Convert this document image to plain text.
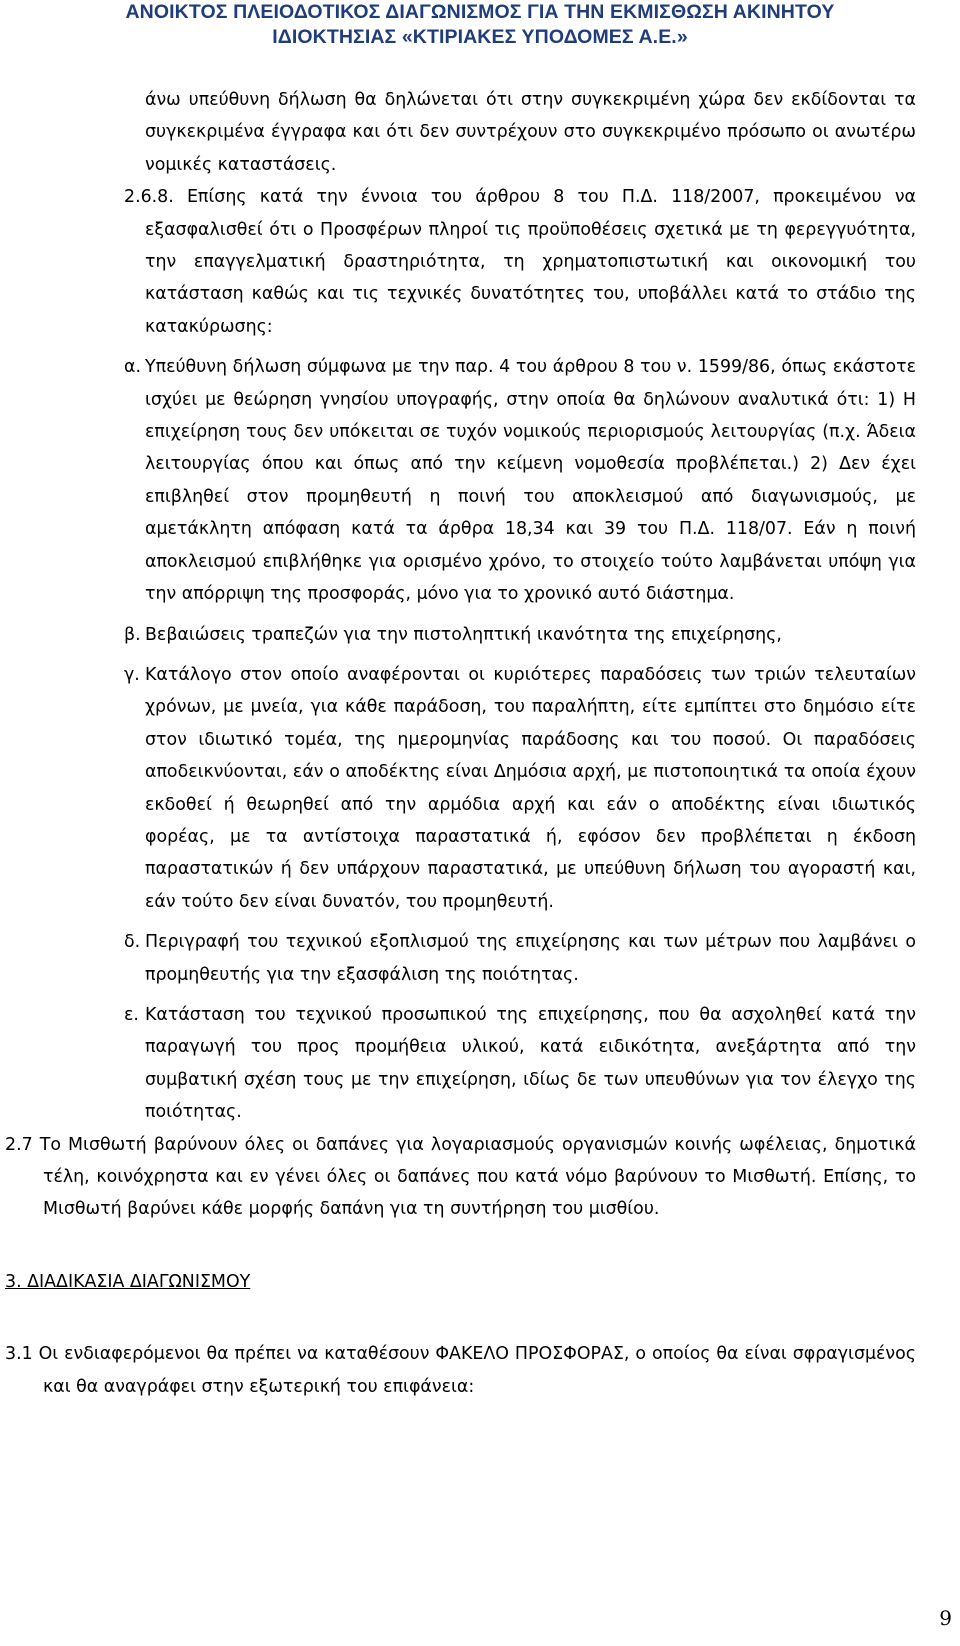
ΑΝΟΙΚΤΟΣ ΠΛΕΙΟΔΟΤΙΚΟΣ ΔΙΑΓΩΝΙΣΜΟΣ ΓΙΑ ΤΗΝ ΕΚΜΙΣΘΩΣΗ ΑΚΙΝΗΤΟΥ
ΙΔΙΟΚΤΗΣΙΑΣ «ΚΤΙΡΙΑΚΕΣ ΥΠΟΔΟΜΕΣ Α.Ε.»
άνω υπεύθυνη δήλωση θα δηλώνεται ότι στην συγκεκριμένη χώρα δεν εκδίδονται τα συγκεκριμένα έγγραφα και ότι δεν συντρέχουν στο συγκεκριμένο πρόσωπο οι ανωτέρω νομικές καταστάσεις.
2.6.8. Επίσης κατά την έννοια του άρθρου 8 του Π.Δ. 118/2007, προκειμένου να εξασφαλισθεί ότι ο Προσφέρων πληροί τις προϋποθέσεις σχετικά με τη φερεγγυότητα, την επαγγελματική δραστηριότητα, τη χρηματοπιστωτική και οικονομική του κατάσταση καθώς και τις τεχνικές δυνατότητες του, υποβάλλει κατά το στάδιο της κατακύρωσης:
α. Υπεύθυνη δήλωση σύμφωνα με την παρ. 4 του άρθρου 8 του ν. 1599/86, όπως εκάστοτε ισχύει με θεώρηση γνησίου υπογραφής, στην οποία θα δηλώνουν αναλυτικά ότι: 1) Η επιχείρηση τους δεν υπόκειται σε τυχόν νομικούς περιορισμούς λειτουργίας (π.χ. Άδεια λειτουργίας όπου και όπως από την κείμενη νομοθεσία προβλέπεται.) 2) Δεν έχει επιβληθεί στον προμηθευτή η ποινή του αποκλεισμού από διαγωνισμούς, με αμετάκλητη απόφαση κατά τα άρθρα 18,34 και 39 του Π.Δ. 118/07. Εάν η ποινή αποκλεισμού επιβλήθηκε για ορισμένο χρόνο, το στοιχείο τούτο λαμβάνεται υπόψη για την απόρριψη της προσφοράς, μόνο για το χρονικό αυτό διάστημα.
β. Βεβαιώσεις τραπεζών για την πιστοληπτική ικανότητα της επιχείρησης,
γ. Κατάλογο στον οποίο αναφέρονται οι κυριότερες παραδόσεις των τριών τελευταίων χρόνων, με μνεία, για κάθε παράδοση, του παραλήπτη, είτε εμπίπτει στο δημόσιο είτε στον ιδιωτικό τομέα, της ημερομηνίας παράδοσης και του ποσού. Οι παραδόσεις αποδεικνύονται, εάν ο αποδέκτης είναι Δημόσια αρχή, με πιστοποιητικά τα οποία έχουν εκδοθεί ή θεωρηθεί από την αρμόδια αρχή και εάν ο αποδέκτης είναι ιδιωτικός φορέας, με τα αντίστοιχα παραστατικά ή, εφόσον δεν προβλέπεται η έκδοση παραστατικών ή δεν υπάρχουν παραστατικά, με υπεύθυνη δήλωση του αγοραστή και, εάν τούτο δεν είναι δυνατόν, του προμηθευτή.
δ. Περιγραφή του τεχνικού εξοπλισμού της επιχείρησης και των μέτρων που λαμβάνει ο προμηθευτής για την εξασφάλιση της ποιότητας.
ε. Κατάσταση του τεχνικού προσωπικού της επιχείρησης, που θα ασχοληθεί κατά την παραγωγή του προς προμήθεια υλικού, κατά ειδικότητα, ανεξάρτητα από την συμβατική σχέση τους με την επιχείρηση, ιδίως δε των υπευθύνων για τον έλεγχο της ποιότητας.
2.7 Το Μισθωτή βαρύνουν όλες οι δαπάνες για λογαριασμούς οργανισμών κοινής ωφέλειας, δημοτικά τέλη, κοινόχρηστα και εν γένει όλες οι δαπάνες που κατά νόμο βαρύνουν το Μισθωτή. Επίσης, το Μισθωτή βαρύνει κάθε μορφής δαπάνη για τη συντήρηση του μισθίου.
3. ΔΙΑΔΙΚΑΣΙΑ ΔΙΑΓΩΝΙΣΜΟΥ
3.1 Οι ενδιαφερόμενοι θα πρέπει να καταθέσουν ΦΑΚΕΛΟ ΠΡΟΣΦΟΡΑΣ, ο οποίος θα είναι σφραγισμένος και θα αναγράφει στην εξωτερική του επιφάνεια:
9
